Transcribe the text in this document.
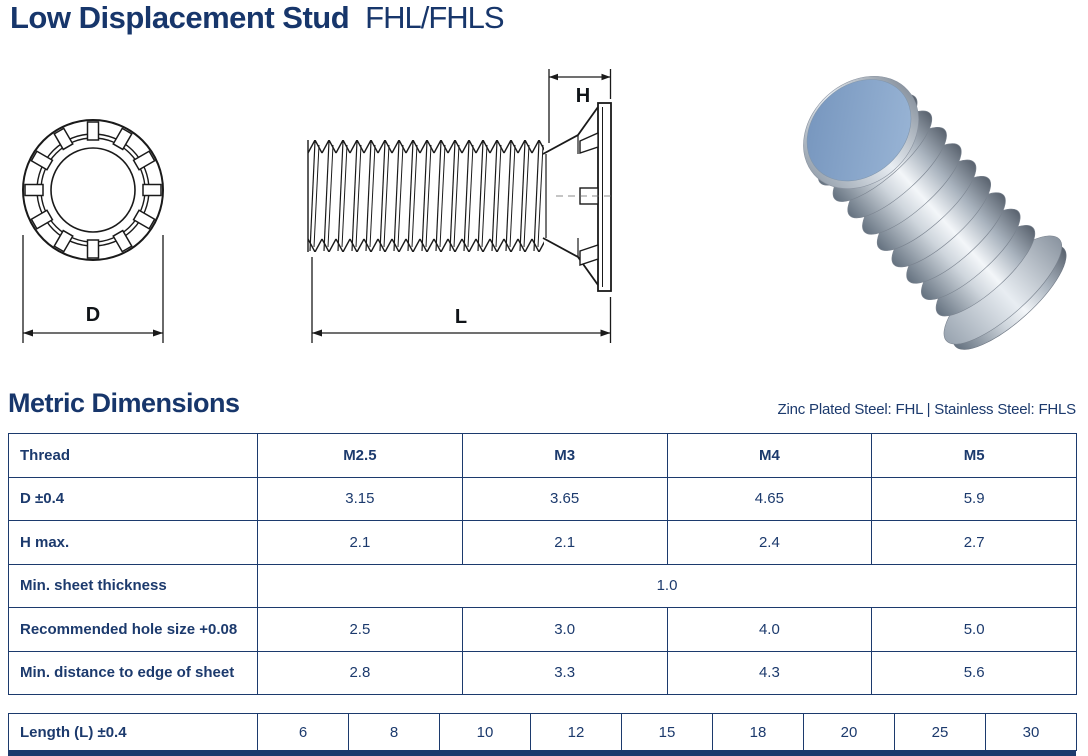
Low Displacement Stud FHL/FHLS
D
H
L
Metric Dimensions	Zinc Plated Steel: FHL | Stainless Steel: FHLS
Thread	M2.5	M3	M4	M5
D ±0.4	3.15	3.65	4.65	5.9
H max.	2.1	2.1	2.4	2.7
Min. sheet thickness	1.0			
Recommended hole size +0.08	2.5	3.0	4.0	5.0
Min. distance to edge of sheet	2.8	3.3	4.3	5.6
Length (L) ±0.4	6	8	10	12	15	18	20	25	30
